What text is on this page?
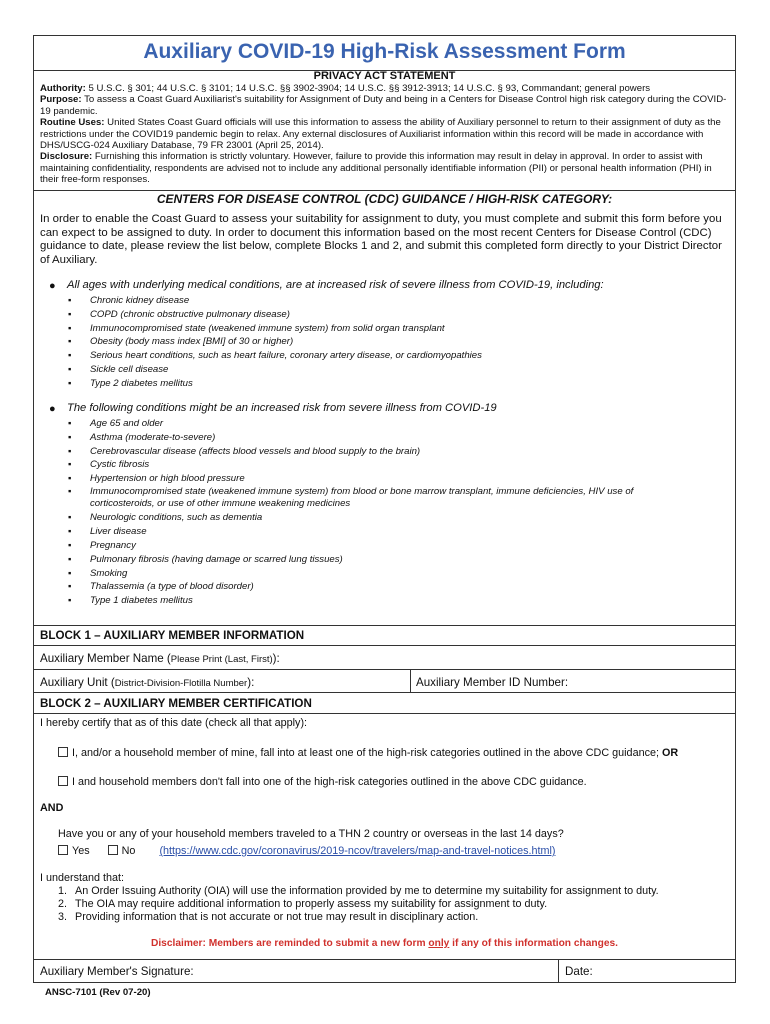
Auxiliary COVID-19 High-Risk Assessment Form
PRIVACY ACT STATEMENT

Authority: 5 U.S.C. § 301; 44 U.S.C. § 3101; 14 U.S.C. §§ 3902-3904; 14 U.S.C. §§ 3912-3913; 14 U.S.C. § 93, Commandant; general powers

Purpose: To assess a Coast Guard Auxiliarist's suitability for Assignment of Duty and being in a Centers for Disease Control high risk category during the COVID-19 pandemic.

Routine Uses: United States Coast Guard officials will use this information to assess the ability of Auxiliary personnel to return to their assignment of duty as the restrictions under the COVID19 pandemic begin to relax. Any external disclosures of Auxiliarist information within this record will be made in accordance with DHS/USCG-024 Auxiliary Database, 79 FR 23001 (April 25, 2014).

Disclosure: Furnishing this information is strictly voluntary. However, failure to provide this information may result in delay in approval. In order to assist with maintaining confidentiality, respondents are advised not to include any additional personally identifiable information (PII) or personal health information (PHI) in their free-form responses.

CENTERS FOR DISEASE CONTROL (CDC) GUIDANCE / HIGH-RISK CATEGORY:
In order to enable the Coast Guard to assess your suitability for assignment to duty, you must complete and submit this form before you can expect to be assigned to duty. In order to document this information based on the most recent Centers for Disease Control (CDC) guidance to date, please review the list below, complete Blocks 1 and 2, and submit this completed form directly to your District Director of Auxiliary.
● All ages with underlying medical conditions, are at increased risk of severe illness from COVID-19, including:
▪ Chronic kidney disease
▪ COPD (chronic obstructive pulmonary disease)
▪ Immunocompromised state (weakened immune system) from solid organ transplant
▪ Obesity (body mass index [BMI] of 30 or higher)
▪ Serious heart conditions, such as heart failure, coronary artery disease, or cardiomyopathies
▪ Sickle cell disease
▪ Type 2 diabetes mellitus
● The following conditions might be an increased risk from severe illness from COVID-19
▪ Age 65 and older
▪ Asthma (moderate-to-severe)
▪ Cerebrovascular disease (affects blood vessels and blood supply to the brain)
▪ Cystic fibrosis
▪ Hypertension or high blood pressure
▪ Immunocompromised state (weakened immune system) from blood or bone marrow transplant, immune deficiencies, HIV use of corticosteroids, or use of other immune weakening medicines
▪ Neurologic conditions, such as dementia
▪ Liver disease
▪ Pregnancy
▪ Pulmonary fibrosis (having damage or scarred lung tissues)
▪ Smoking
▪ Thalassemia (a type of blood disorder)
▪ Type 1 diabetes mellitus
BLOCK 1 – AUXILIARY MEMBER INFORMATION
Auxiliary Member Name (Please Print (Last, First)):
Auxiliary Unit (District-Division-Flotilla Number):	Auxiliary Member ID Number:
BLOCK 2 – AUXILIARY MEMBER CERTIFICATION
I hereby certify that as of this date (check all that apply):
I, and/or a household member of mine, fall into at least one of the high-risk categories outlined in the above CDC guidance; OR
I and household members don't fall into one of the high-risk categories outlined in the above CDC guidance.
AND
Have you or any of your household members traveled to a THN 2 country or overseas in the last 14 days?
Yes	No (https://www.cdc.gov/coronavirus/2019-ncov/travelers/map-and-travel-notices.html)
I understand that:
1. An Order Issuing Authority (OIA) will use the information provided by me to determine my suitability for assignment to duty.
2. The OIA may require additional information to properly assess my suitability for assignment to duty.
3. Providing information that is not accurate or not true may result in disciplinary action.
Disclaimer: Members are reminded to submit a new form only if any of this information changes.
Auxiliary Member's Signature:	Date:
ANSC-7101 (Rev 07-20)
